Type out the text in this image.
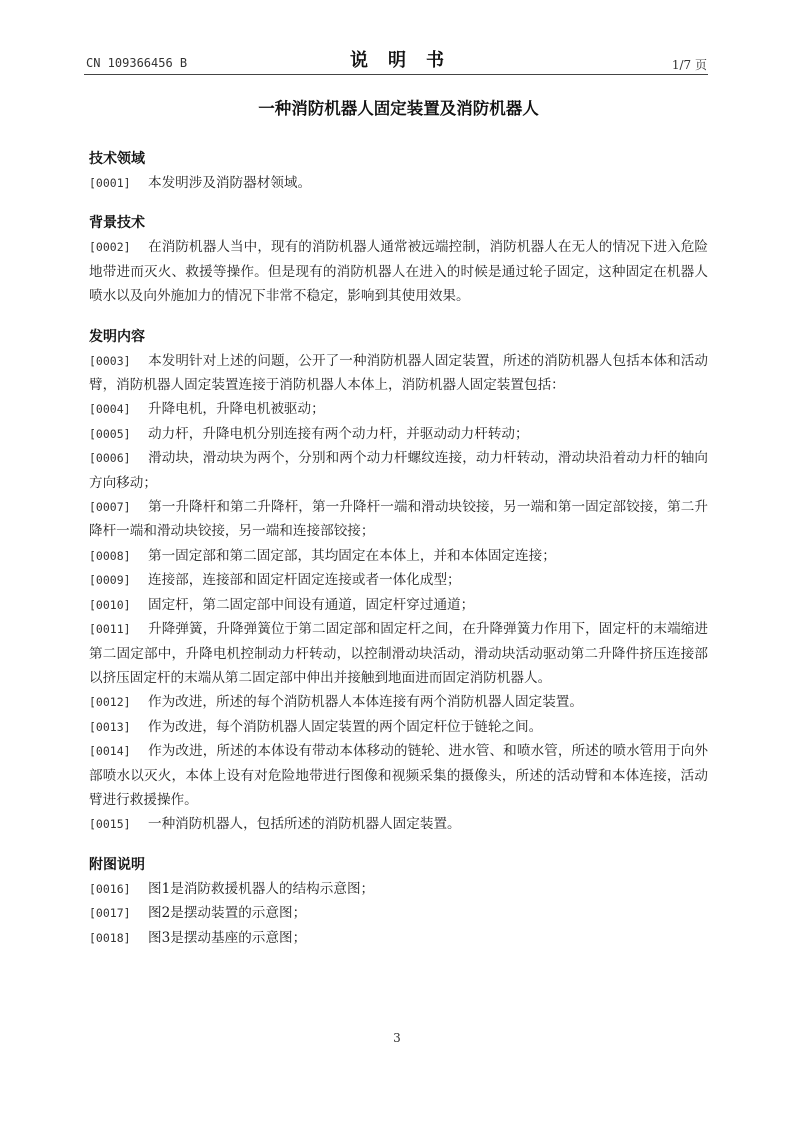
CN 109366456 B	说明书	1/7 页
一种消防机器人固定装置及消防机器人
技术领域

[0001] 本发明涉及消防器材领域。

背景技术

[0002] 在消防机器人当中，现有的消防机器人通常被远端控制，消防机器人在无人的情况下进入危险地带进而灭火、救援等操作。但是现有的消防机器人在进入的时候是通过轮子固定，这种固定在机器人喷水以及向外施加力的情况下非常不稳定，影响到其使用效果。

发明内容

[0003] 本发明针对上述的问题，公开了一种消防机器人固定装置，所述的消防机器人包括本体和活动臂，消防机器人固定装置连接于消防机器人本体上，消防机器人固定装置包括：

[0004] 升降电机，升降电机被驱动；

[0005] 动力杆，升降电机分别连接有两个动力杆，并驱动动力杆转动；

[0006] 滑动块，滑动块为两个，分别和两个动力杆螺纹连接，动力杆转动，滑动块沿着动力杆的轴向方向移动；

[0007] 第一升降杆和第二升降杆，第一升降杆一端和滑动块铰接，另一端和第一固定部铰接，第二升降杆一端和滑动块铰接，另一端和连接部铰接；

[0008] 第一固定部和第二固定部，其均固定在本体上，并和本体固定连接；

[0009] 连接部，连接部和固定杆固定连接或者一体化成型；

[0010] 固定杆，第二固定部中间设有通道，固定杆穿过通道；

[0011] 升降弹簧，升降弹簧位于第二固定部和固定杆之间，在升降弹簧力作用下，固定杆的末端缩进第二固定部中，升降电机控制动力杆转动，以控制滑动块活动，滑动块活动驱动第二升降件挤压连接部以挤压固定杆的末端从第二固定部中伸出并接触到地面进而固定消防机器人。

[0012] 作为改进，所述的每个消防机器人本体连接有两个消防机器人固定装置。

[0013] 作为改进，每个消防机器人固定装置的两个固定杆位于链轮之间。

[0014] 作为改进，所述的本体设有带动本体移动的链轮、进水管、和喷水管，所述的喷水管用于向外部喷水以灭火，本体上设有对危险地带进行图像和视频采集的摄像头，所述的活动臂和本体连接，活动臂进行救援操作。

[0015] 一种消防机器人，包括所述的消防机器人固定装置。

附图说明

[0016] 图1是消防救援机器人的结构示意图；

[0017] 图2是摆动装置的示意图；

[0018] 图3是摆动基座的示意图；

3
